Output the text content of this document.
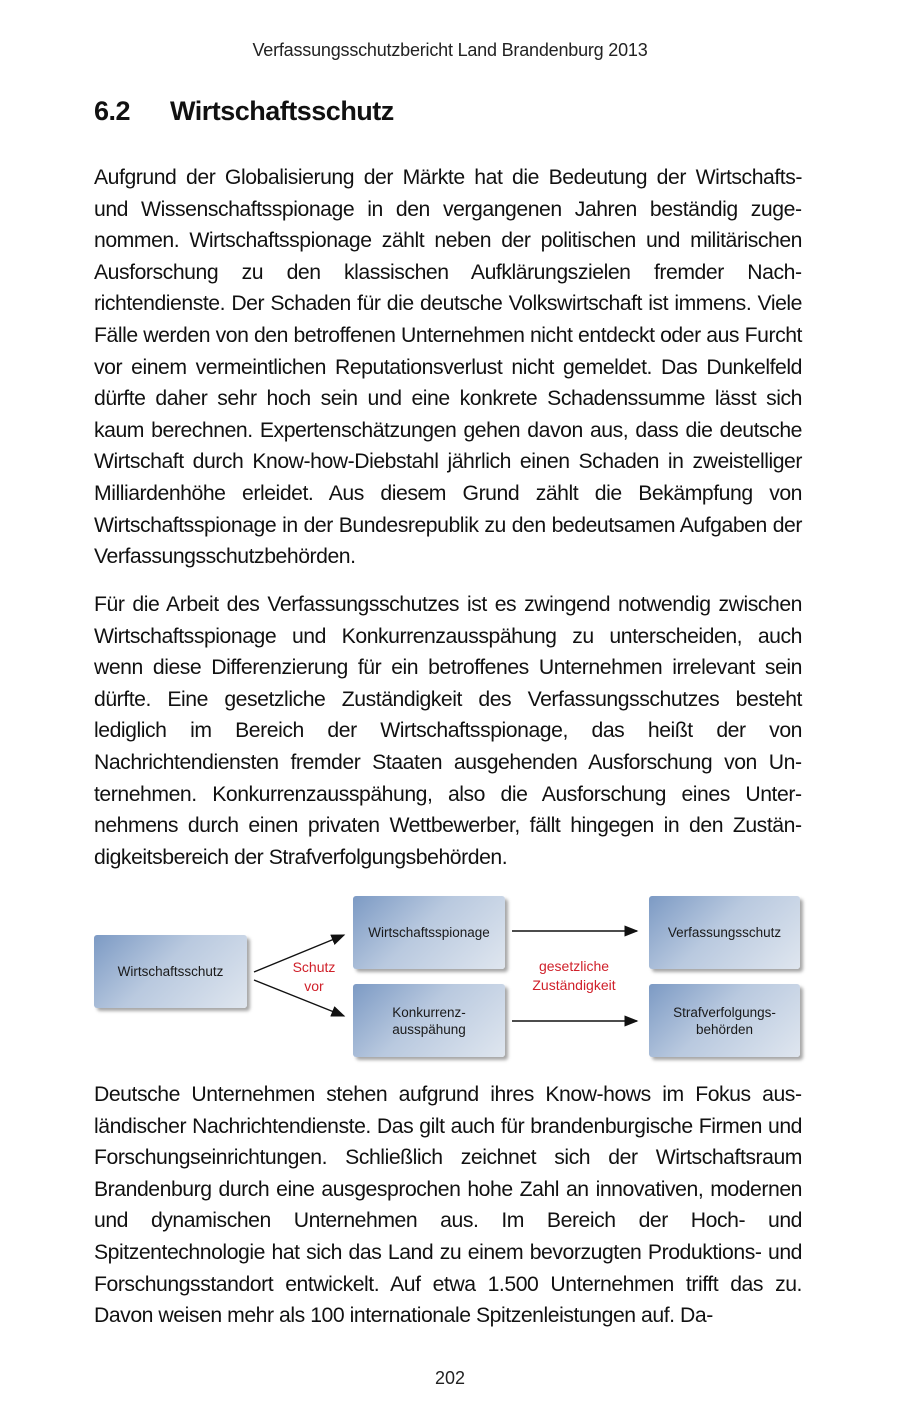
Verfassungsschutzbericht Land Brandenburg 2013
6.2 Wirtschaftsschutz
Aufgrund der Globalisierung der Märkte hat die Bedeutung der Wirtschafts- und Wissenschaftsspionage in den vergangenen Jahren beständig zugenommen. Wirtschaftsspionage zählt neben der politischen und militärischen Ausforschung zu den klassischen Aufklärungszielen fremder Nachrichtendienste. Der Schaden für die deutsche Volkswirtschaft ist immens. Viele Fälle werden von den betroffenen Unternehmen nicht entdeckt oder aus Furcht vor einem vermeintlichen Reputationsverlust nicht gemeldet. Das Dunkelfeld dürfte daher sehr hoch sein und eine konkrete Schadenssumme lässt sich kaum berechnen. Expertenschätzungen gehen davon aus, dass die deutsche Wirtschaft durch Know-how-Diebstahl jährlich einen Schaden in zweistelliger Milliardenhöhe erleidet. Aus diesem Grund zählt die Bekämpfung von Wirtschaftsspionage in der Bundesrepublik zu den bedeutsamen Aufgaben der Verfassungsschutzbehörden.
Für die Arbeit des Verfassungsschutzes ist es zwingend notwendig zwischen Wirtschaftsspionage und Konkurrenzausspähung zu unterscheiden, auch wenn diese Differenzierung für ein betroffenes Unternehmen irrelevant sein dürfte. Eine gesetzliche Zuständigkeit des Verfassungsschutzes besteht lediglich im Bereich der Wirtschaftsspionage, das heißt der von Nachrichtendiensten fremder Staaten ausgehenden Ausforschung von Unternehmen. Konkurrenzausspähung, also die Ausforschung eines Unternehmens durch einen privaten Wettbewerber, fällt hingegen in den Zuständigkeitsbereich der Strafverfolgungsbehörden.
Wirtschaftsschutz	Schutz
vor
Wirtschaftsspionage
Konkurrenz-
ausspähung
gesetzliche
Zuständigkeit
Verfassungsschutz
Strafverfolgungs-
behörden
Deutsche Unternehmen stehen aufgrund ihres Know-hows im Fokus ausländischer Nachrichtendienste. Das gilt auch für brandenburgische Firmen und Forschungseinrichtungen. Schließlich zeichnet sich der Wirtschaftsraum Brandenburg durch eine ausgesprochen hohe Zahl an innovativen, modernen und dynamischen Unternehmen aus. Im Bereich der Hoch- und Spitzentechnologie hat sich das Land zu einem bevorzugten Produktions- und Forschungsstandort entwickelt. Auf etwa 1.500 Unternehmen trifft das zu. Davon weisen mehr als 100 internationale Spitzenleistungen auf. Da-
202
